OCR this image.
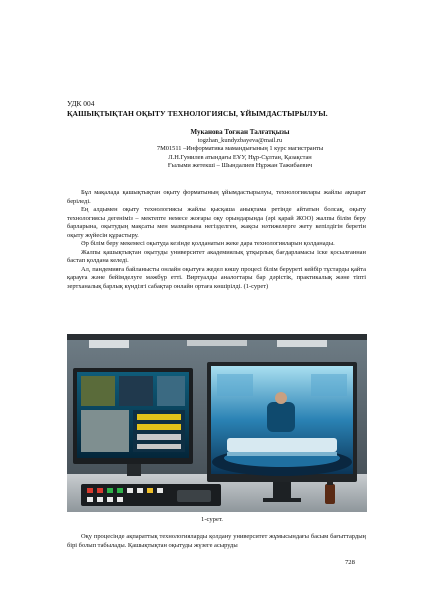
УДК 004
ҚАШЫҚТЫҚТАН ОҚЫТУ ТЕХНОЛОГИЯСЫ, ҰЙЫМДАСТЫРЫЛУЫ.
Муканова Тоғжан Талғатқызы
togzhan_kundyzbayeva@mail.ru
7M01511 –Информатика мамандығының 1 курс магистранты
Л.Н.Гумилев атындағы ЕҰУ, Нұр-Сұлтан, Қазақстан
Ғылыми жетекші – Шындалиев Нұржан Тажибаевич

Бұл мақалада қашықтықтан оқыту форматының ұйымдастырылуы, технологиялары жайлы ақпарат беріледі.

Ең алдымен оқыту технологиясы жайлы қысқаша анықтама ретінде айтатын болсақ, оқыту технологиясы дегеніміз – мектепте немесе жоғары оқу орындарында (әрі қарай ЖОО) жалпы білім беру барларына, оқытудың мақсаты мен мазмұнына негізделген, жақсы нәтижелерге жету кепілдігін беретін оқыту жүйесін құрастыру.

Әр білім беру мекемесі оқытуда кезінде қолданатын жеке дара технологияларын қолданады.

Жалпы қашықтықтан оқытуды университет академиялық ұтқырлық бағдарламасы іске қосылғаннан бастап қолдана келеді.

Ал, пандемияға байланысты онлайн оқытуға жедел көшу процесі білім беруреті кейбір тұстарды қайта қарауға және бейімделуге мәжбүр етті. Виртуалды аналогтары бар дәрістік, практикалық және тіпті зертханалық барлық күндізгі сабақтар онлайн ортаға көшірілді. (1-сурет)

1-сурет.

Оқу процесінде ақпараттық технологияларды қолдану университет жұмысындағы басым бағыттардың бірі болып табылады. Қашықтықтан оқытуды жүзеге асыруды

728
